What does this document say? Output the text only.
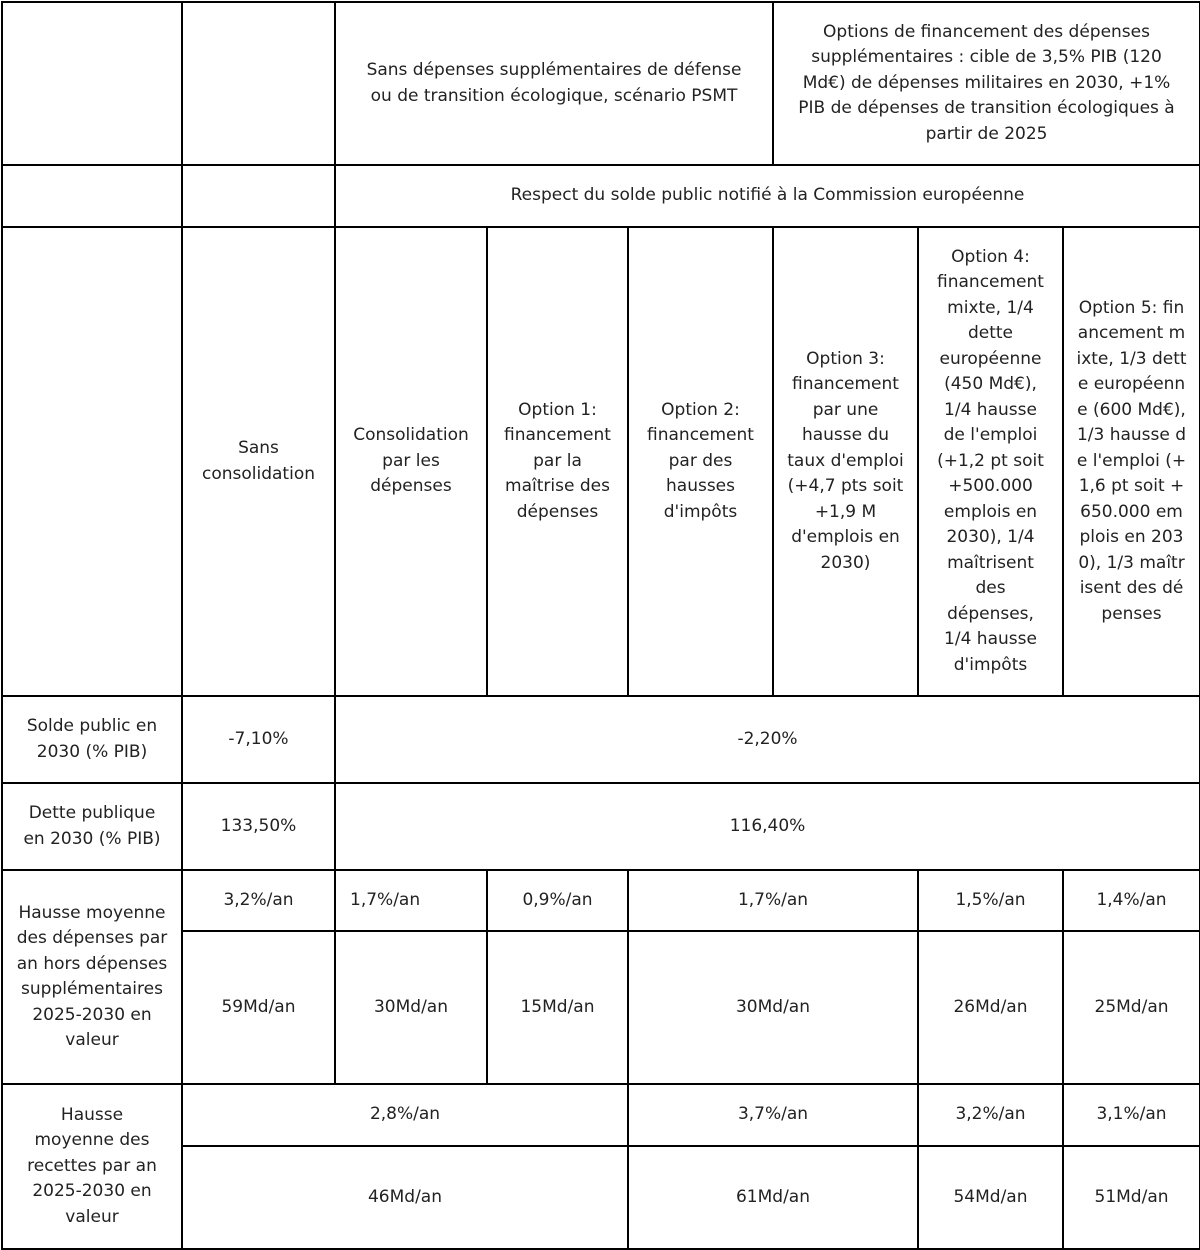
		Sans dépenses supplémentaires de défense ou de transition écologique, scénario PSMT			Options de financement des dépenses supplémentaires : cible de 3,5% PIB (120 Md€) de dépenses militaires en 2030, +1% PIB de dépenses de transition écologiques à partir de 2025		
		Respect du solde public notifié à la Commission européenne					
	Sans consolidation	Consolidation par les dépenses	Option 1: financement par la maîtrise des dépenses	Option 2: financement par des hausses d'impôts	Option 3: financement par une hausse du taux d'emploi (+4,7 pts soit +1,9 M d'emplois en 2030)	Option 4: financement mixte, 1/4 dette européenne (450 Md€), 1/4 hausse de l'emploi (+1,2 pt soit +500.000 emplois en 2030), 1/4 maîtrisent des dépenses, 1/4 hausse d'impôts	Option 5: financement mixte, 1/3 dette européenne (600 Md€), 1/3 hausse de l'emploi (+1,6 pt soit +650.000 emplois en 2030), 1/3 maîtrisent des dépenses
Solde public en 2030 (% PIB)	-7,10%	-2,20%					
Dette publique en 2030 (% PIB)	133,50%	116,40%					
Hausse moyenne des dépenses par an hors dépenses supplémentaires 2025-2030 en valeur	3,2%/an	1,7%/an	0,9%/an	1,7%/an		1,5%/an	1,4%/an
	59Md/an	30Md/an	15Md/an	30Md/an		26Md/an	25Md/an
Hausse moyenne des recettes par an 2025-2030 en valeur	2,8%/an			3,7%/an		3,2%/an	3,1%/an
	46Md/an			61Md/an		54Md/an	51Md/an
